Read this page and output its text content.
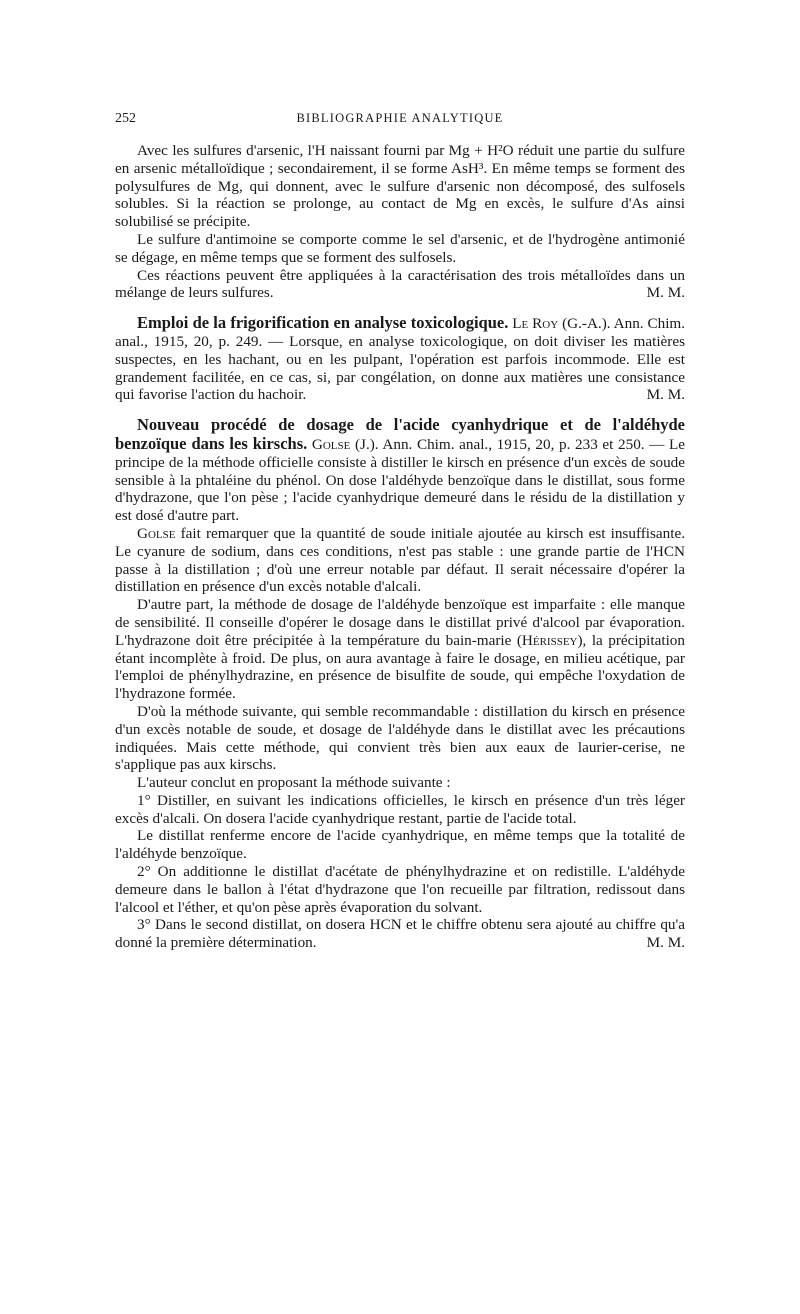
252	BIBLIOGRAPHIE ANALYTIQUE

Avec les sulfures d'arsenic, l'H naissant fourni par Mg + H²O réduit une partie du sulfure en arsenic métalloïdique ; secondairement, il se forme AsH³. En même temps se forment des polysulfures de Mg, qui donnent, avec le sulfure d'arsenic non décomposé, des sulfosels solubles. Si la réaction se prolonge, au contact de Mg en excès, le sulfure d'As ainsi solubilisé se précipite.

Le sulfure d'antimoine se comporte comme le sel d'arsenic, et de l'hydrogène antimonié se dégage, en même temps que se forment des sulfosels.

Ces réactions peuvent être appliquées à la caractérisation des trois métalloïdes dans un mélange de leurs sulfures.	M. M.

Emploi de la frigorification en analyse toxicologique. Le Roy (G.-A.). Ann. Chim. anal., 1915, 20, p. 249. — Lorsque, en analyse toxicologique, on doit diviser les matières suspectes, en les hachant, ou en les pulpant, l'opération est parfois incommode. Elle est grandement facilitée, en ce cas, si, par congélation, on donne aux matières une consistance qui favorise l'action du hachoir.	M. M.

Nouveau procédé de dosage de l'acide cyanhydrique et de l'aldéhyde benzoïque dans les kirschs. Golse (J.). Ann. Chim. anal., 1915, 20, p. 233 et 250. — Le principe de la méthode officielle consiste à distiller le kirsch en présence d'un excès de soude sensible à la phtaléine du phénol. On dose l'aldéhyde benzoïque dans le distillat, sous forme d'hydrazone, que l'on pèse ; l'acide cyanhydrique demeuré dans le résidu de la distillation y est dosé d'autre part.

Golse fait remarquer que la quantité de soude initiale ajoutée au kirsch est insuffisante. Le cyanure de sodium, dans ces conditions, n'est pas stable : une grande partie de l'HCN passe à la distillation ; d'où une erreur notable par défaut. Il serait nécessaire d'opérer la distillation en présence d'un excès notable d'alcali.

D'autre part, la méthode de dosage de l'aldéhyde benzoïque est imparfaite : elle manque de sensibilité. Il conseille d'opérer le dosage dans le distillat privé d'alcool par évaporation. L'hydrazone doit être précipitée à la température du bain-marie (Hérissey), la précipitation étant incomplète à froid. De plus, on aura avantage à faire le dosage, en milieu acétique, par l'emploi de phénylhydrazine, en présence de bisulfite de soude, qui empêche l'oxydation de l'hydrazone formée.

D'où la méthode suivante, qui semble recommandable : distillation du kirsch en présence d'un excès notable de soude, et dosage de l'aldéhyde dans le distillat avec les précautions indiquées. Mais cette méthode, qui convient très bien aux eaux de laurier-cerise, ne s'applique pas aux kirschs.

L'auteur conclut en proposant la méthode suivante :

1° Distiller, en suivant les indications officielles, le kirsch en présence d'un très léger excès d'alcali. On dosera l'acide cyanhydrique restant, partie de l'acide total.

Le distillat renferme encore de l'acide cyanhydrique, en même temps que la totalité de l'aldéhyde benzoïque.

2° On additionne le distillat d'acétate de phénylhydrazine et on redistille. L'aldéhyde demeure dans le ballon à l'état d'hydrazone que l'on recueille par filtration, redissout dans l'alcool et l'éther, et qu'on pèse après évaporation du solvant.

3° Dans le second distillat, on dosera HCN et le chiffre obtenu sera ajouté au chiffre qu'a donné la première détermination.	M. M.
